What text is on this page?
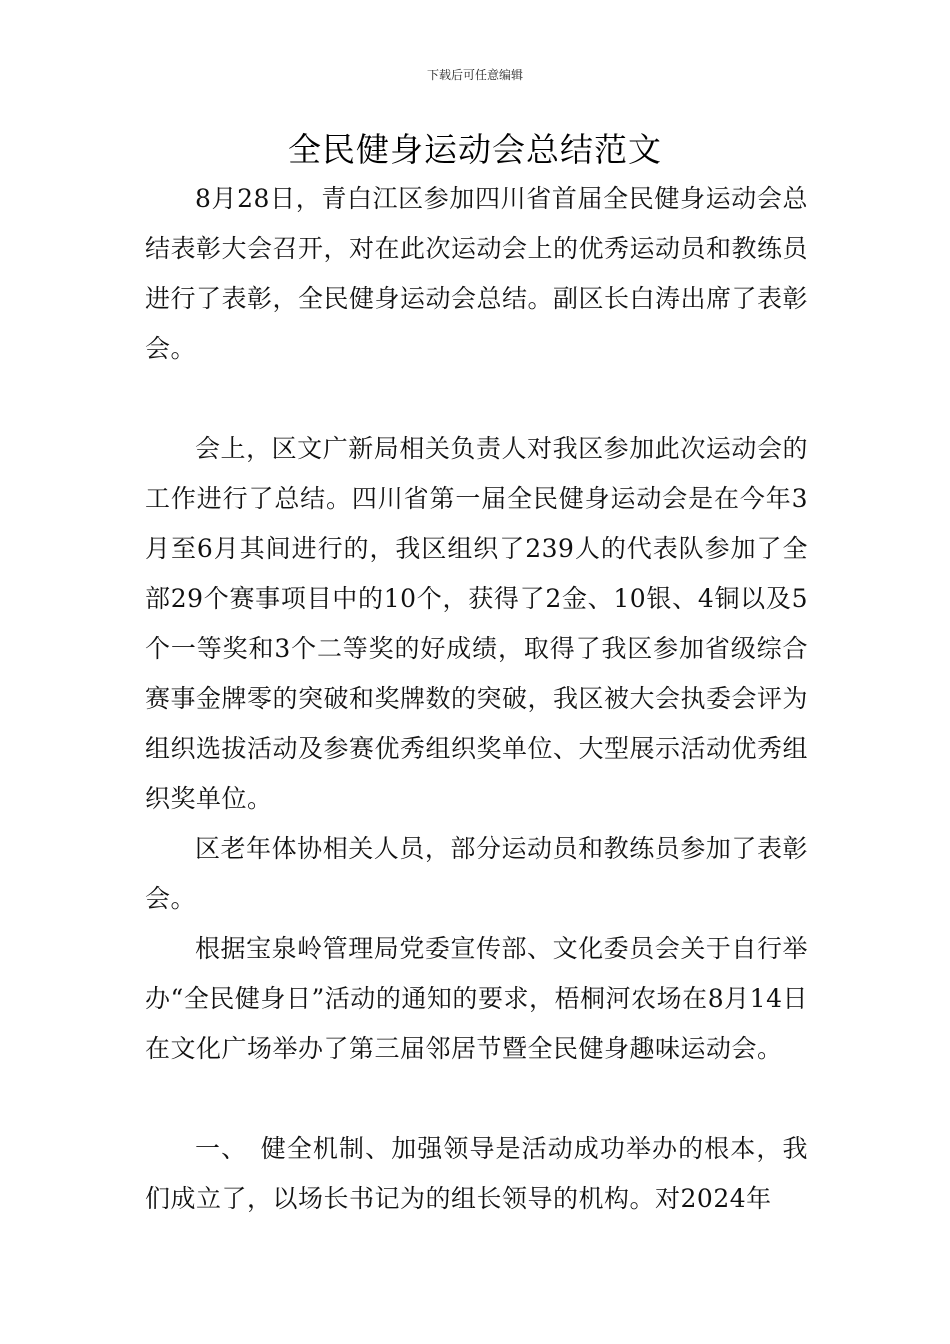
下载后可任意编辑
全民健身运动会总结范文

8月28日，青白江区参加四川省首届全民健身运动会总结表彰大会召开，对在此次运动会上的优秀运动员和教练员进行了表彰，全民健身运动会总结。副区长白涛出席了表彰会。

会上，区文广新局相关负责人对我区参加此次运动会的工作进行了总结。四川省第一届全民健身运动会是在今年3月至6月其间进行的，我区组织了239人的代表队参加了全部29个赛事项目中的10个，获得了2金、10银、4铜以及5个一等奖和3个二等奖的好成绩，取得了我区参加省级综合赛事金牌零的突破和奖牌数的突破，我区被大会执委会评为组织选拔活动及参赛优秀组织奖单位、大型展示活动优秀组织奖单位。

区老年体协相关人员，部分运动员和教练员参加了表彰会。

根据宝泉岭管理局党委宣传部、文化委员会关于自行举办“全民健身日”活动的通知的要求，梧桐河农场在8月14日在文化广场举办了第三届邻居节暨全民健身趣味运动会。

一、　健全机制、加强领导是活动成功举办的根本，我们成立了，以场长书记为的组长领导的机构。对2024年
